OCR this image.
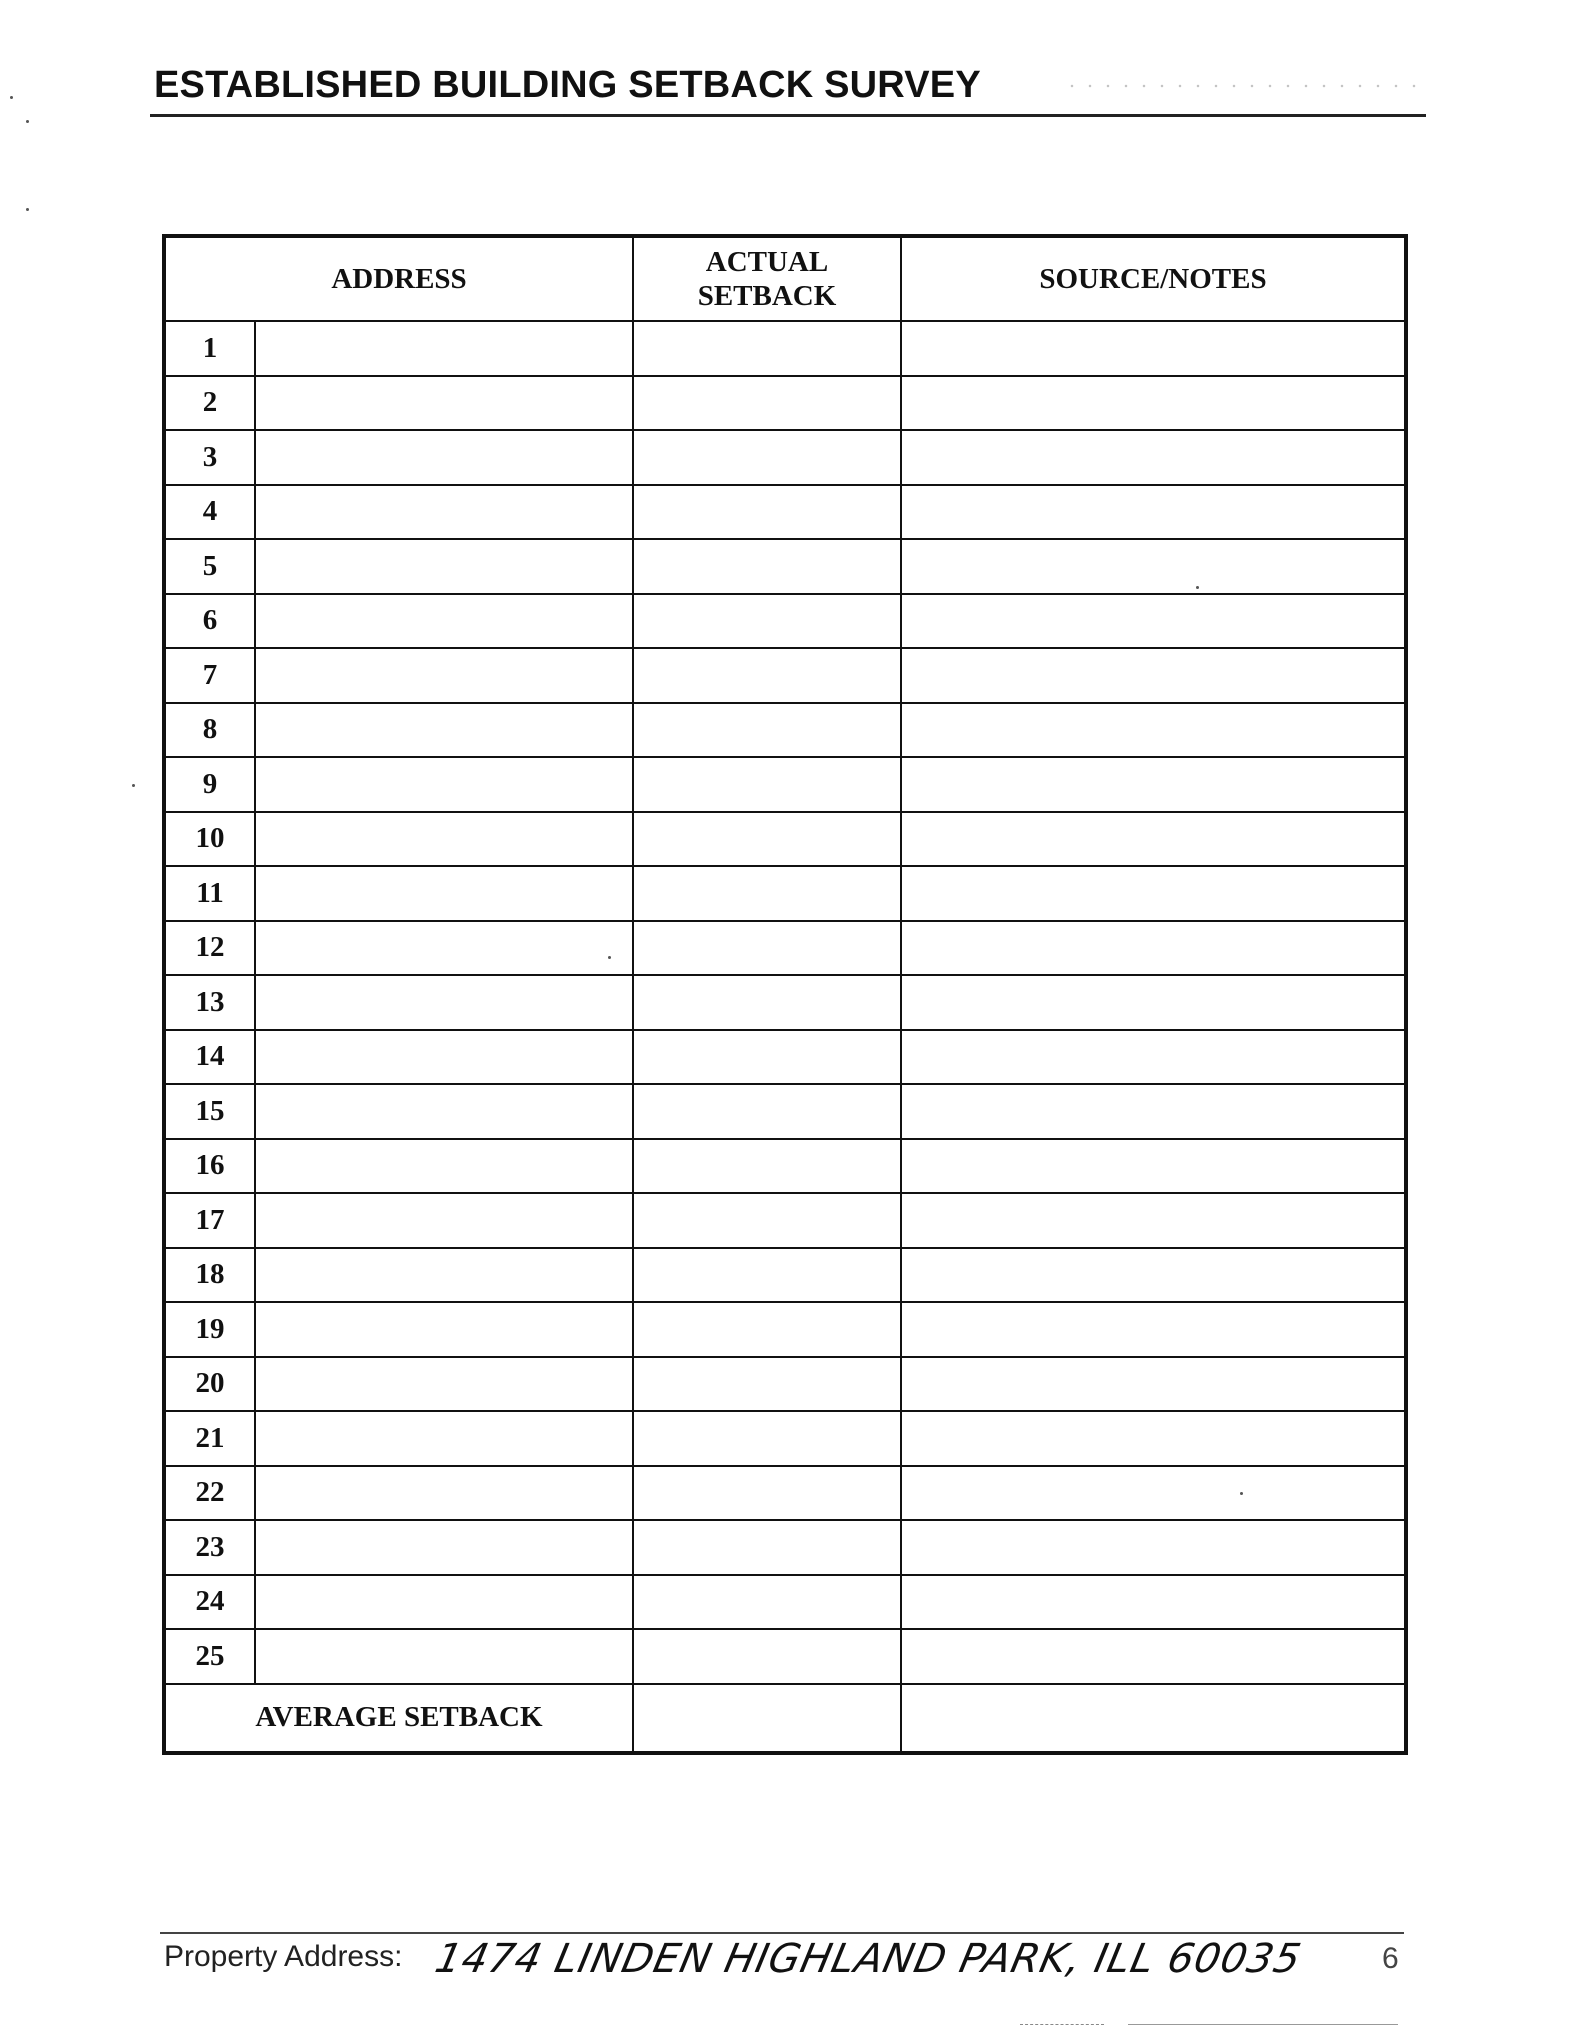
ESTABLISHED BUILDING SETBACK SURVEY
ADDRESS		ACTUAL SETBACK	SOURCE/NOTES
1			
2			
3			
4			
5			
6			
7			
8			
9			
10			
11			
12			
13			
14			
15			
16			
17			
18			
19			
20			
21			
22			
23			
24			
25			
AVERAGE SETBACK			
Property Address: 1474 LINDEN HIGHLAND PARK, ILL 60035	6
